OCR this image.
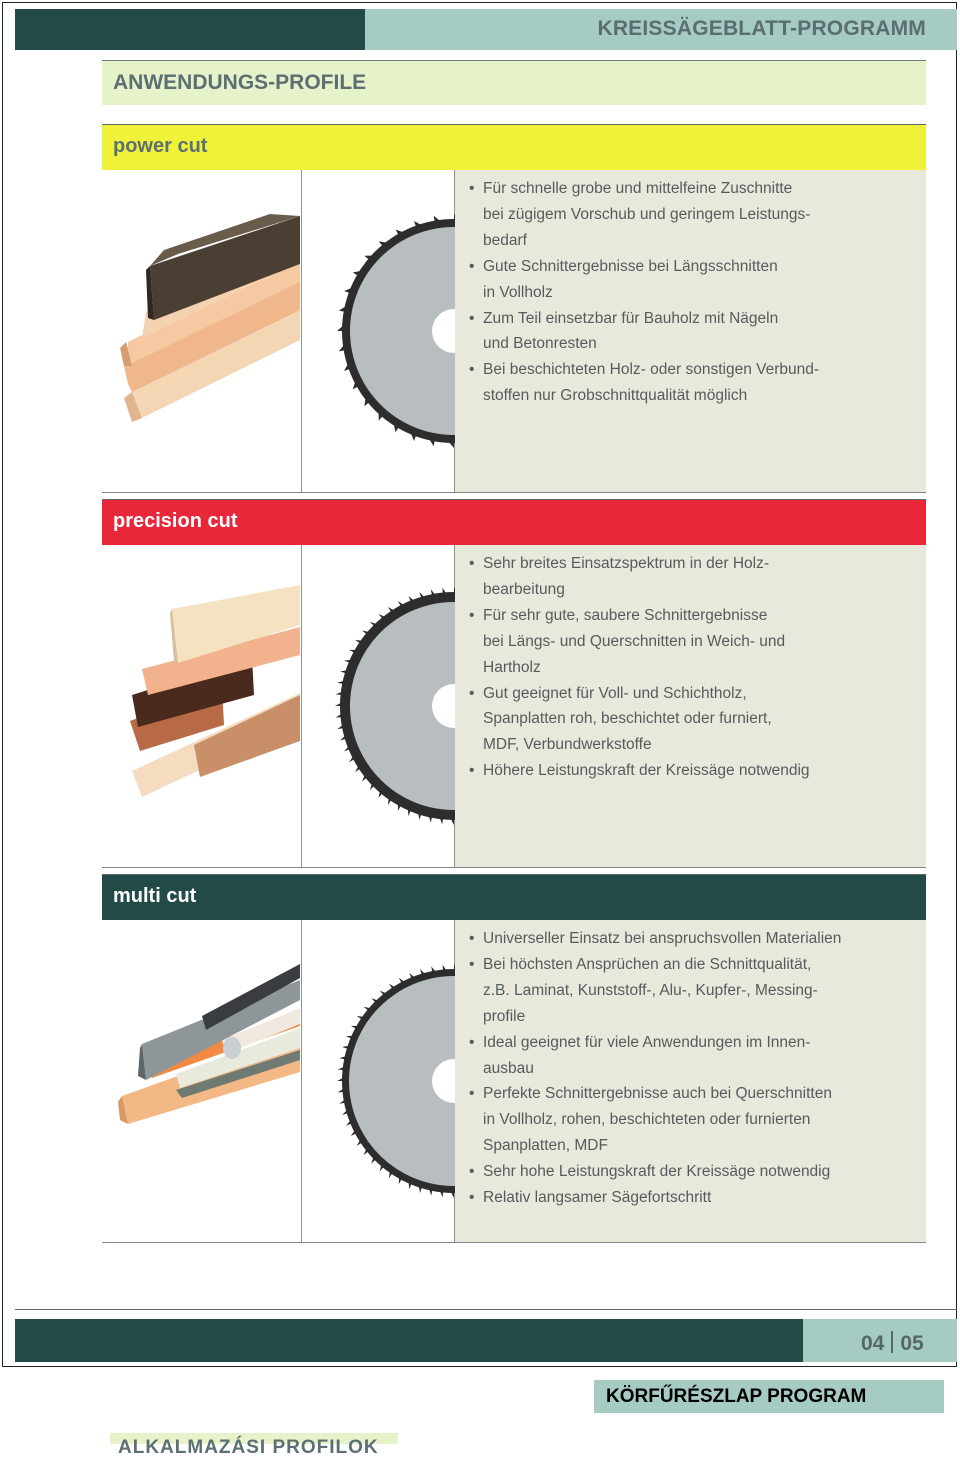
KREISSÄGEBLATT-PROGRAMM
ANWENDUNGS-PROFILE
power cut
• Für schnelle grobe und mittelfeine Zuschnitte
bei zügigem Vorschub und geringem Leistungs-
bedarf
• Gute Schnittergebnisse bei Längsschnitten
in Vollholz
• Zum Teil einsetzbar für Bauholz mit Nägeln
und Betonresten
• Bei beschichteten Holz- oder sonstigen Verbund-
stoffen nur Grobschnittqualität möglich
precision cut
• Sehr breites Einsatzspektrum in der Holz-
bearbeitung
• Für sehr gute, saubere Schnittergebnisse
bei Längs- und Querschnitten in Weich- und
Hartholz
• Gut geeignet für Voll- und Schichtholz,
Spanplatten roh, beschichtet oder furniert,
MDF, Verbundwerkstoffe
• Höhere Leistungskraft der Kreissäge notwendig
multi cut
• Universeller Einsatz bei anspruchsvollen Materialien
• Bei höchsten Ansprüchen an die Schnittqualität,
z.B. Laminat, Kunststoff-, Alu-, Kupfer-, Messing-
profile
• Ideal geeignet für viele Anwendungen im Innen-
ausbau
• Perfekte Schnittergebnisse auch bei Querschnitten
in Vollholz, rohen, beschichteten oder furnierten
Spanplatten, MDF
• Sehr hohe Leistungskraft der Kreissäge notwendig
• Relativ langsamer Sägefortschritt
04 05
KÖRFŰRÉSZLAP PROGRAM
ALKALMAZÁSI PROFILOK
